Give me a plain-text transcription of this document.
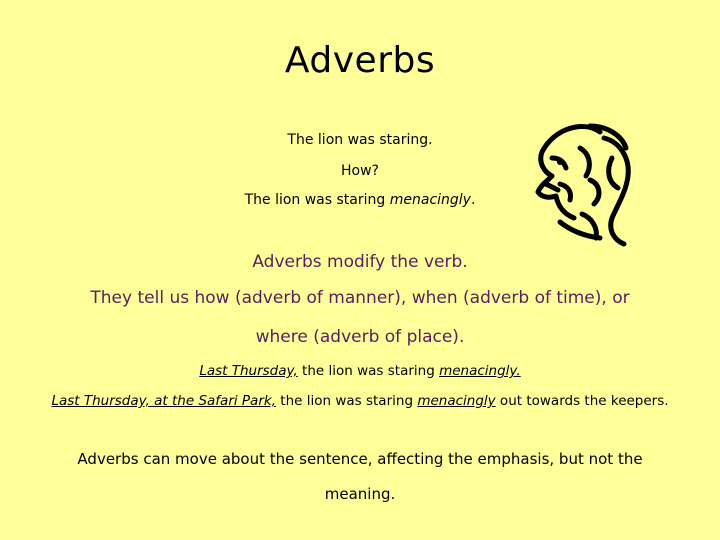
Adverbs
The lion was staring.
How?
The lion was staring menacingly.
Adverbs modify the verb.
They tell us how (adverb of manner), when (adverb of time), or
where (adverb of place).
Last Thursday, the lion was staring menacingly.
Last Thursday, at the Safari Park, the lion was staring menacingly out towards the keepers.
Adverbs can move about the sentence, affecting the emphasis, but not the meaning.
